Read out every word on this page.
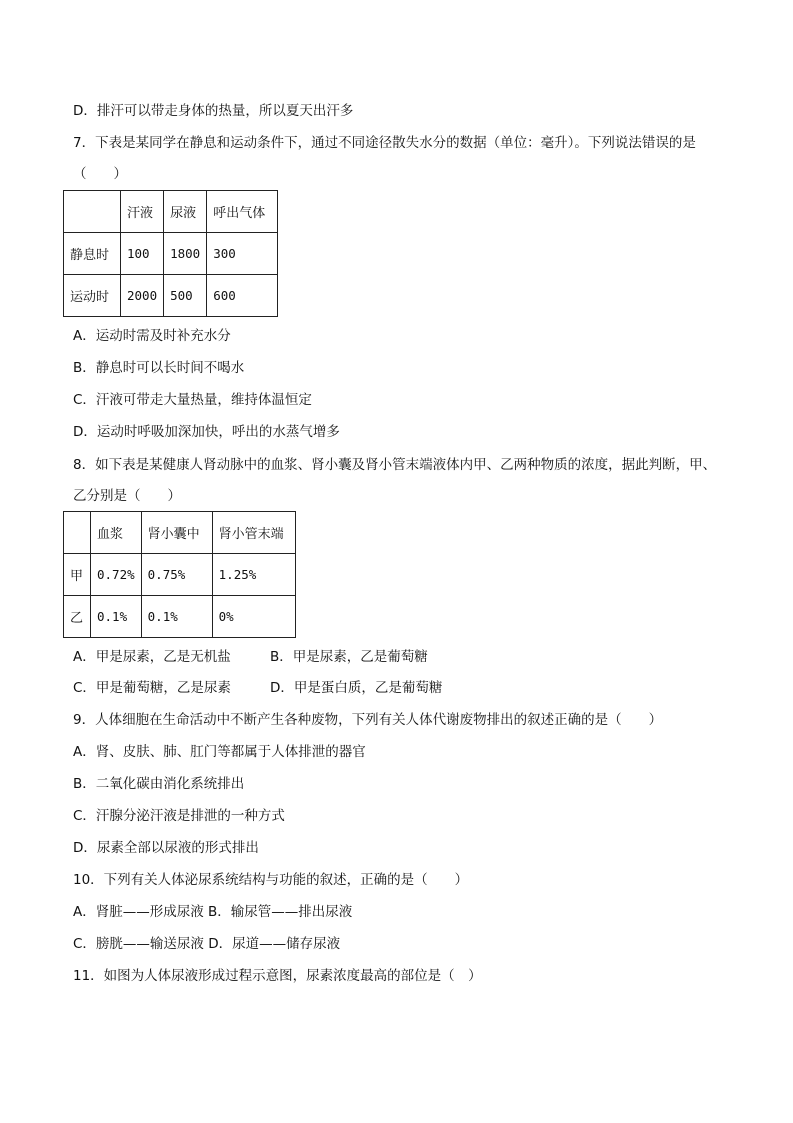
D．排汗可以带走身体的热量，所以夏天出汗多
7．下表是某同学在静息和运动条件下，通过不同途径散失水分的数据（单位：毫升）。下列说法错误的是
（　　）
	汗液	尿液	呼出气体
静息时	100	1800	300
运动时	2000	500	600
A．运动时需及时补充水分
B．静息时可以长时间不喝水
C．汗液可带走大量热量，维持体温恒定
D．运动时呼吸加深加快，呼出的水蒸气增多
8．如下表是某健康人肾动脉中的血浆、肾小囊及肾小管末端液体内甲、乙两种物质的浓度，据此判断，甲、
乙分别是（　　）
	血浆	肾小囊中	肾小管末端
甲	0.72%	0.75%	1.25%
乙	0.1%	0.1%	0%
A．甲是尿素，乙是无机盐	B．甲是尿素，乙是葡萄糖
C．甲是葡萄糖，乙是尿素	D．甲是蛋白质，乙是葡萄糖
9．人体细胞在生命活动中不断产生各种废物，下列有关人体代谢废物排出的叙述正确的是（　　）
A．肾、皮肤、肺、肛门等都属于人体排泄的器官
B．二氧化碳由消化系统排出
C．汗腺分泌汗液是排泄的一种方式
D．尿素全部以尿液的形式排出
10．下列有关人体泌尿系统结构与功能的叙述，正确的是（　　）
A．肾脏——形成尿液 B．输尿管——排出尿液
C．膀胱——输送尿液 D．尿道——储存尿液
11．如图为人体尿液形成过程示意图，尿素浓度最高的部位是（　）
